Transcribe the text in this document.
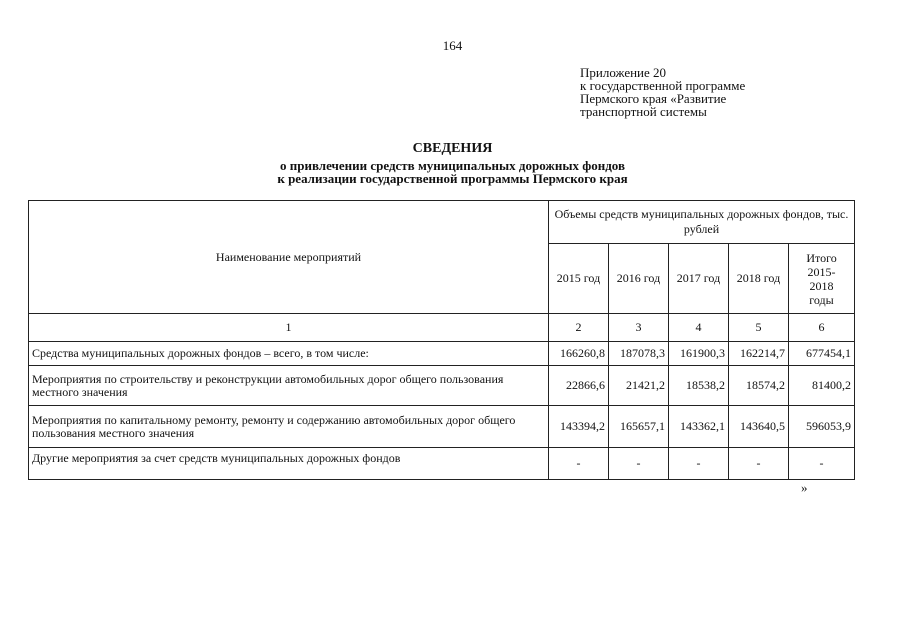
164
Приложение 20
к государственной программе
Пермского края «Развитие
транспортной системы
СВЕДЕНИЯ
о привлечении средств муниципальных дорожных фондов
к реализации государственной программы Пермского края
Наименование мероприятий	Объемы средств муниципальных дорожных фондов, тыс. рублей				
	2015 год	2016 год	2017 год	2018 год	Итого
2015-
2018
годы

1	2	3	4	5	6
Средства муниципальных дорожных фондов – всего, в том числе:	166260,8	187078,3	161900,3	162214,7	677454,1
Мероприятия по строительству и реконструкции автомобильных дорог общего пользования местного значения	22866,6	21421,2	18538,2	18574,2	81400,2
Мероприятия по капитальному ремонту, ремонту и содержанию автомобильных дорог общего пользования местного значения	143394,2	165657,1	143362,1	143640,5	596053,9
Другие мероприятия за счет средств муниципальных дорожных фондов	-	-	-	-	-
»
